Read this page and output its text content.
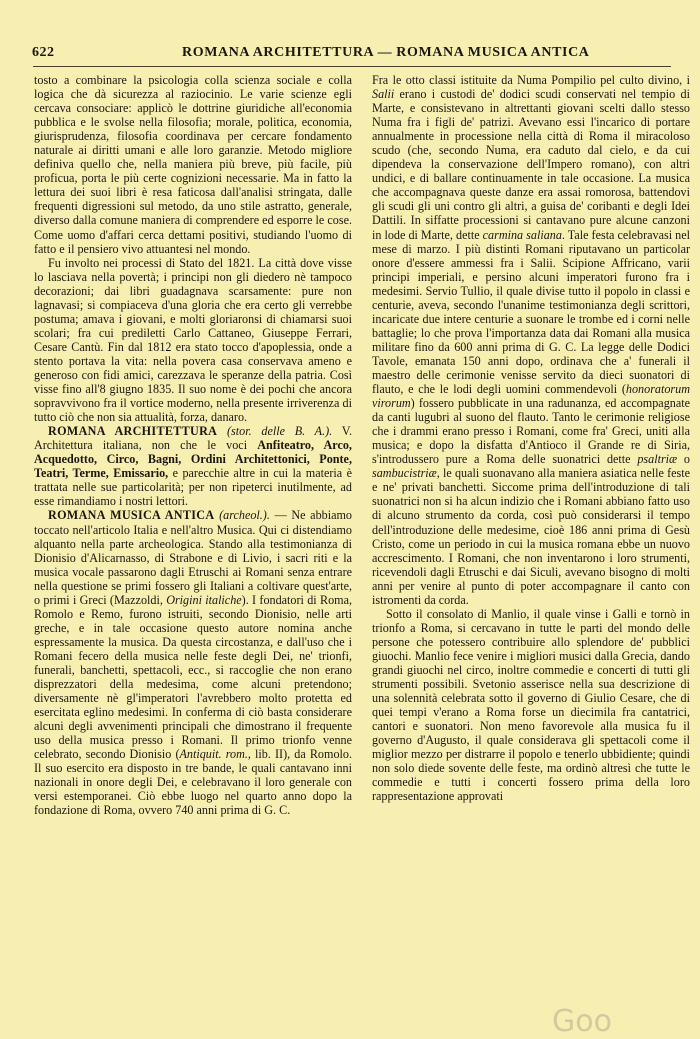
622	ROMANA ARCHITETTURA — ROMANA MUSICA ANTICA

tosto a combinare la psicologia colla scienza sociale e colla logica che dà sicurezza al raziocinio. Le varie scienze egli cercava consociare: applicò le dottrine giuridiche all'economia pubblica e le svolse nella filosofia; morale, politica, economia, giurisprudenza, filosofia coordinava per cercare fondamento naturale ai diritti umani e alle loro garanzie. Metodo migliore definiva quello che, nella maniera più breve, più facile, più proficua, porta le più certe cognizioni necessarie. Ma in fatto la lettura dei suoi libri è resa faticosa dall'analisi stringata, dalle frequenti digressioni sul metodo, da uno stile astratto, generale, diverso dalla comune maniera di comprendere ed esporre le cose. Come uomo d'affari cerca dettami positivi, studiando l'uomo di fatto e il pensiero vivo attuantesi nel mondo.

Fu involto nei processi di Stato del 1821. La città dove visse lo lasciava nella povertà; i principi non gli diedero nè tampoco decorazioni; dai libri guadagnava scarsamente: pure non lagnavasi; si compiaceva d'una gloria che era certo gli verrebbe postuma; amava i giovani, e molti gloriaronsi di chiamarsi suoi scolari; fra cui prediletti Carlo Cattaneo, Giuseppe Ferrari, Cesare Cantù. Fin dal 1812 era stato tocco d'apoplessia, onde a stento portava la vita: nella povera casa conservava ameno e generoso con fidi amici, carezzava le speranze della patria. Così visse fino all'8 giugno 1835. Il suo nome è dei pochi che ancora sopravvivono fra il vortice moderno, nella presente irriverenza di tutto ciò che non sia attualità, forza, danaro.

ROMANA ARCHITETTURA (stor. delle B. A.). V. Architettura italiana, non che le voci Anfiteatro, Arco, Acquedotto, Circo, Bagni, Ordini Architettonici, Ponte, Teatri, Terme, Emissario, e parecchie altre in cui la materia è trattata nelle sue particolarità; per non ripeterci inutilmente, ad esse rimandiamo i nostri lettori.

ROMANA MUSICA ANTICA (archeol.). — Ne abbiamo toccato nell'articolo Italia e nell'altro Musica. Qui ci distendiamo alquanto nella parte archeologica. Stando alla testimonianza di Dionisio d'Alicarnasso, di Strabone e di Livio, i sacri riti e la musica vocale passarono dagli Etruschi ai Romani senza entrare nella questione se primi fossero gli Italiani a coltivare quest'arte, o primi i Greci (Mazzoldi, Origini italiche). I fondatori di Roma, Romolo e Remo, furono istruiti, secondo Dionisio, nelle arti greche, e in tale occasione questo autore nomina anche espressamente la musica. Da questa circostanza, e dall'uso che i Romani fecero della musica nelle feste degli Dei, ne' trionfi, funerali, banchetti, spettacoli, ecc., si raccoglie che non erano disprezzatori della medesima, come alcuni pretendono; diversamente nè gl'imperatori l'avrebbero molto protetta ed esercitata eglino medesimi. In conferma di ciò basta considerare alcuni degli avvenimenti principali che dimostrano il frequente uso della musica presso i Romani. Il primo trionfo venne celebrato, secondo Dionisio (Antiquit. rom., lib. II), da Romolo. Il suo esercito era disposto in tre bande, le quali cantavano inni nazionali in onore degli Dei, e celebravano il loro generale con versi estemporanei. Ciò ebbe luogo nel quarto anno dopo la fondazione di Roma, ovvero 740 anni prima di G. C.

Fra le otto classi istituite da Numa Pompilio pel culto divino, i Salii erano i custodi de' dodici scudi conservati nel tempio di Marte, e consistevano in altrettanti giovani scelti dallo stesso Numa fra i figli de' patrizi. Avevano essi l'incarico di portare annualmente in processione nella città di Roma il miracoloso scudo (che, secondo Numa, era caduto dal cielo, e da cui dipendeva la conservazione dell'Impero romano), con altri undici, e di ballare continuamente in tale occasione. La musica che accompagnava queste danze era assai romorosa, battendovi gli scudi gli uni contro gli altri, a guisa de' coribanti e degli Idei Dattili. In siffatte processioni si cantavano pure alcune canzoni in lode di Marte, dette carmina saliana. Tale festa celebravasi nel mese di marzo. I più distinti Romani riputavano un particolar onore d'essere ammessi fra i Salii. Scipione Affricano, varii principi imperiali, e persino alcuni imperatori furono fra i medesimi. Servio Tullio, il quale divise tutto il popolo in classi e centurie, aveva, secondo l'unanime testimonianza degli scrittori, incaricate due intere centurie a suonare le trombe ed i corni nelle battaglie; lo che prova l'importanza data dai Romani alla musica militare fino da 600 anni prima di G. C. La legge delle Dodici Tavole, emanata 150 anni dopo, ordinava che a' funerali il maestro delle cerimonie venisse servito da dieci suonatori di flauto, e che le lodi degli uomini commendevoli (honoratorum virorum) fossero pubblicate in una radunanza, ed accompagnate da canti lugubri al suono del flauto. Tanto le cerimonie religiose che i drammi erano presso i Romani, come fra' Greci, uniti alla musica; e dopo la disfatta d'Antioco il Grande re di Siria, s'introdussero pure a Roma delle suonatrici dette psaltriæ o sambucistriæ, le quali suonavano alla maniera asiatica nelle feste e ne' privati banchetti. Siccome prima dell'introduzione di tali suonatrici non si ha alcun indizio che i Romani abbiano fatto uso di alcuno strumento da corda, così può considerarsi il tempo dell'introduzione delle medesime, cioè 186 anni prima di Gesù Cristo, come un periodo in cui la musica romana ebbe un nuovo accrescimento. I Romani, che non inventarono i loro strumenti, ricevendoli dagli Etruschi e dai Siculi, avevano bisogno di molti anni per venire al punto di poter accompagnare il canto con istromenti da corda.

Sotto il consolato di Manlio, il quale vinse i Galli e tornò in trionfo a Roma, si cercavano in tutte le parti del mondo delle persone che potessero contribuire allo splendore de' pubblici giuochi. Manlio fece venire i migliori musici dalla Grecia, dando grandi giuochi nel circo, inoltre commedie e concerti di tutti gli strumenti possibili. Svetonio asserisce nella sua descrizione di una solennità celebrata sotto il governo di Giulio Cesare, che di quei tempi v'erano a Roma forse un diecimila fra cantatrici, cantori e suonatori. Non meno favorevole alla musica fu il governo d'Augusto, il quale considerava gli spettacoli come il miglior mezzo per distrarre il popolo e tenerlo ubbidiente; quindi non solo diede sovente delle feste, ma ordinò altresì che tutte le commedie e tutti i concerti fossero prima della loro rappresentazione approvati

Goo
